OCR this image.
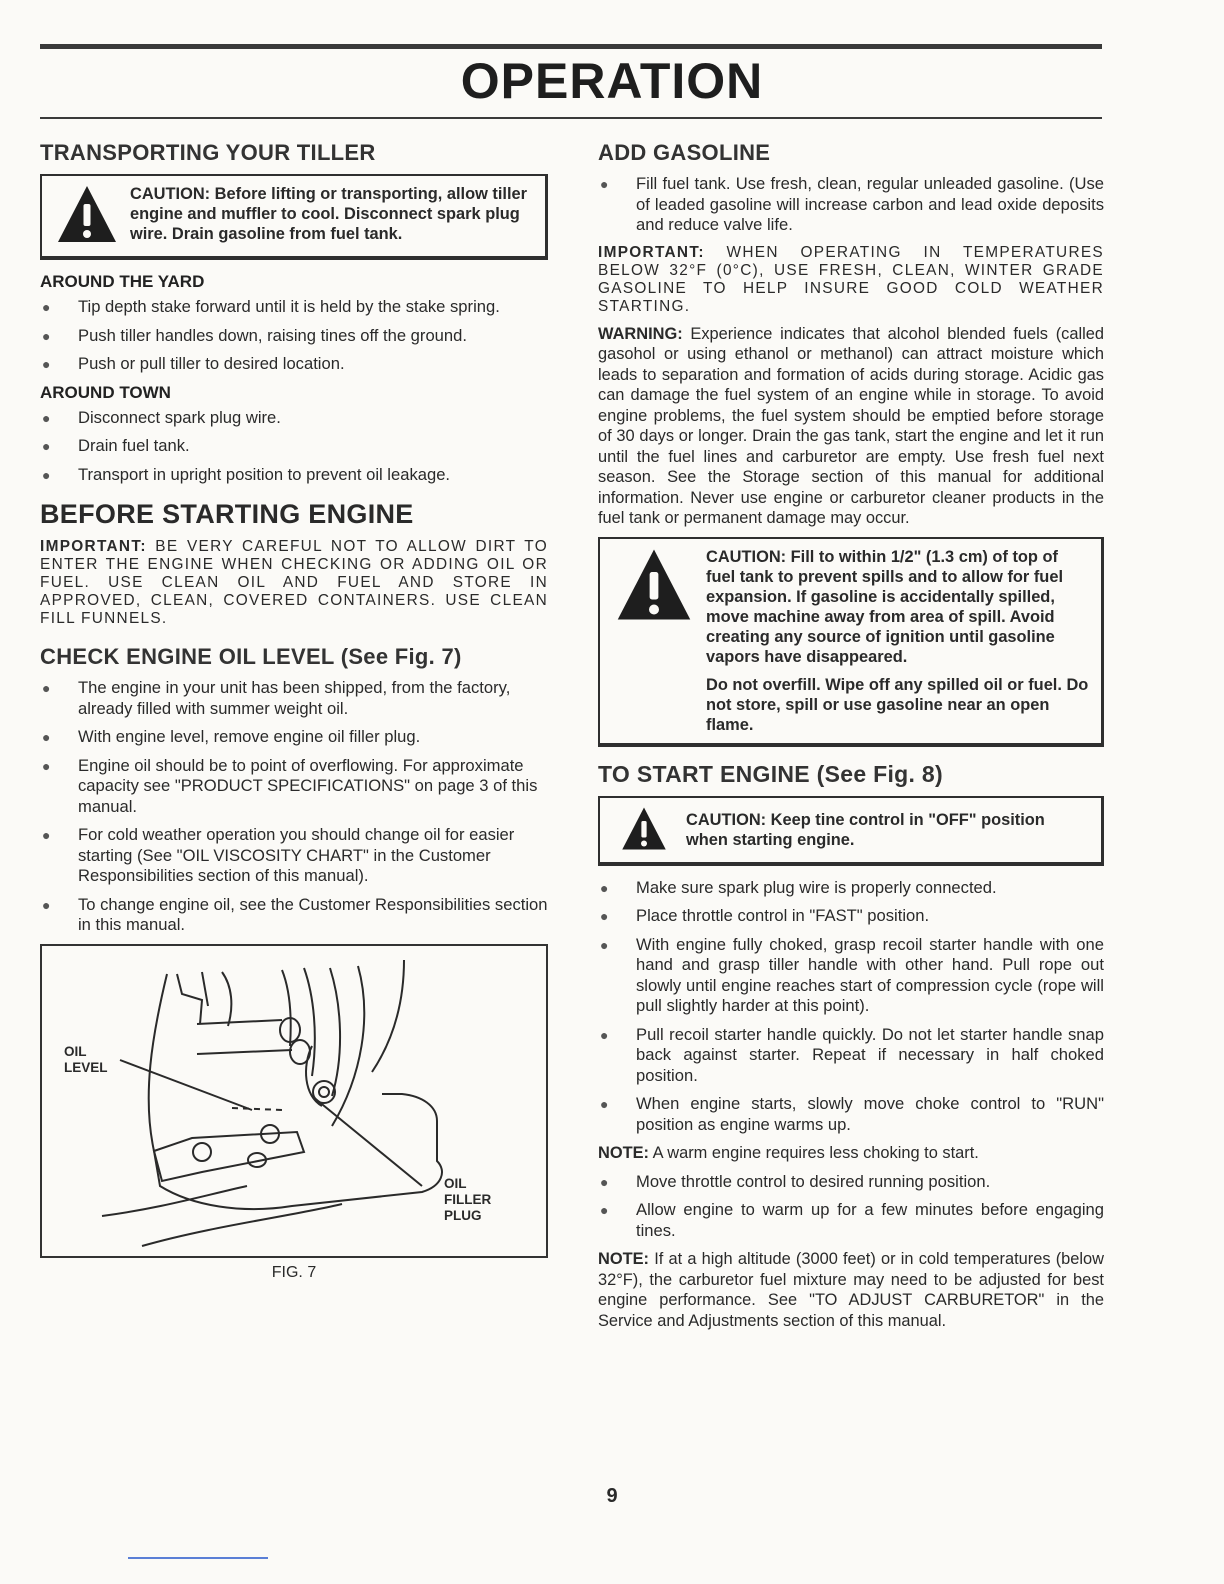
OPERATION
TRANSPORTING YOUR TILLER
CAUTION: Before lifting or transporting, allow tiller engine and muffler to cool. Disconnect spark plug wire. Drain gasoline from fuel tank.
AROUND THE YARD
● Tip depth stake forward until it is held by the stake spring.
● Push tiller handles down, raising tines off the ground.
● Push or pull tiller to desired location.
AROUND TOWN
● Disconnect spark plug wire.
● Drain fuel tank.
● Transport in upright position to prevent oil leakage.
BEFORE STARTING ENGINE

IMPORTANT: BE VERY CAREFUL NOT TO ALLOW DIRT TO ENTER THE ENGINE WHEN CHECKING OR ADDING OIL OR FUEL. USE CLEAN OIL AND FUEL AND STORE IN APPROVED, CLEAN, COVERED CONTAINERS. USE CLEAN FILL FUNNELS.

CHECK ENGINE OIL LEVEL (See Fig. 7)
● The engine in your unit has been shipped, from the factory, already filled with summer weight oil.
● With engine level, remove engine oil filler plug.
● Engine oil should be to point of overflowing. For approximate capacity see "PRODUCT SPECIFICATIONS" on page 3 of this manual.
● For cold weather operation you should change oil for easier starting (See "OIL VISCOSITY CHART" in the Customer Responsibilities section of this manual).
● To change engine oil, see the Customer Responsibilities section in this manual.
OIL LEVEL
OIL FILLER PLUG
FIG. 7
ADD GASOLINE
● Fill fuel tank. Use fresh, clean, regular unleaded gasoline. (Use of leaded gasoline will increase carbon and lead oxide deposits and reduce valve life.

IMPORTANT: WHEN OPERATING IN TEMPERATURES BELOW 32°F (0°C), USE FRESH, CLEAN, WINTER GRADE GASOLINE TO HELP INSURE GOOD COLD WEATHER STARTING.

WARNING: Experience indicates that alcohol blended fuels (called gasohol or using ethanol or methanol) can attract moisture which leads to separation and formation of acids during storage. Acidic gas can damage the fuel system of an engine while in storage. To avoid engine problems, the fuel system should be emptied before storage of 30 days or longer. Drain the gas tank, start the engine and let it run until the fuel lines and carburetor are empty. Use fresh fuel next season. See the Storage section of this manual for additional information. Never use engine or carburetor cleaner products in the fuel tank or permanent damage may occur.

CAUTION: Fill to within 1/2" (1.3 cm) of top of fuel tank to prevent spills and to allow for fuel expansion. If gasoline is accidentally spilled, move machine away from area of spill. Avoid creating any source of ignition until gasoline vapors have disappeared.

Do not overfill. Wipe off any spilled oil or fuel. Do not store, spill or use gasoline near an open flame.

TO START ENGINE (See Fig. 8)
CAUTION: Keep tine control in "OFF" position when starting engine.
● Make sure spark plug wire is properly connected.
● Place throttle control in "FAST" position.
● With engine fully choked, grasp recoil starter handle with one hand and grasp tiller handle with other hand. Pull rope out slowly until engine reaches start of compression cycle (rope will pull slightly harder at this point).
● Pull recoil starter handle quickly. Do not let starter handle snap back against starter. Repeat if necessary in half choked position.
● When engine starts, slowly move choke control to "RUN" position as engine warms up.

NOTE: A warm engine requires less choking to start.

● Move throttle control to desired running position.
● Allow engine to warm up for a few minutes before engaging tines.

NOTE: If at a high altitude (3000 feet) or in cold temperatures (below 32°F), the carburetor fuel mixture may need to be adjusted for best engine performance. See "TO ADJUST CARBURETOR" in the Service and Adjustments section of this manual.

9
